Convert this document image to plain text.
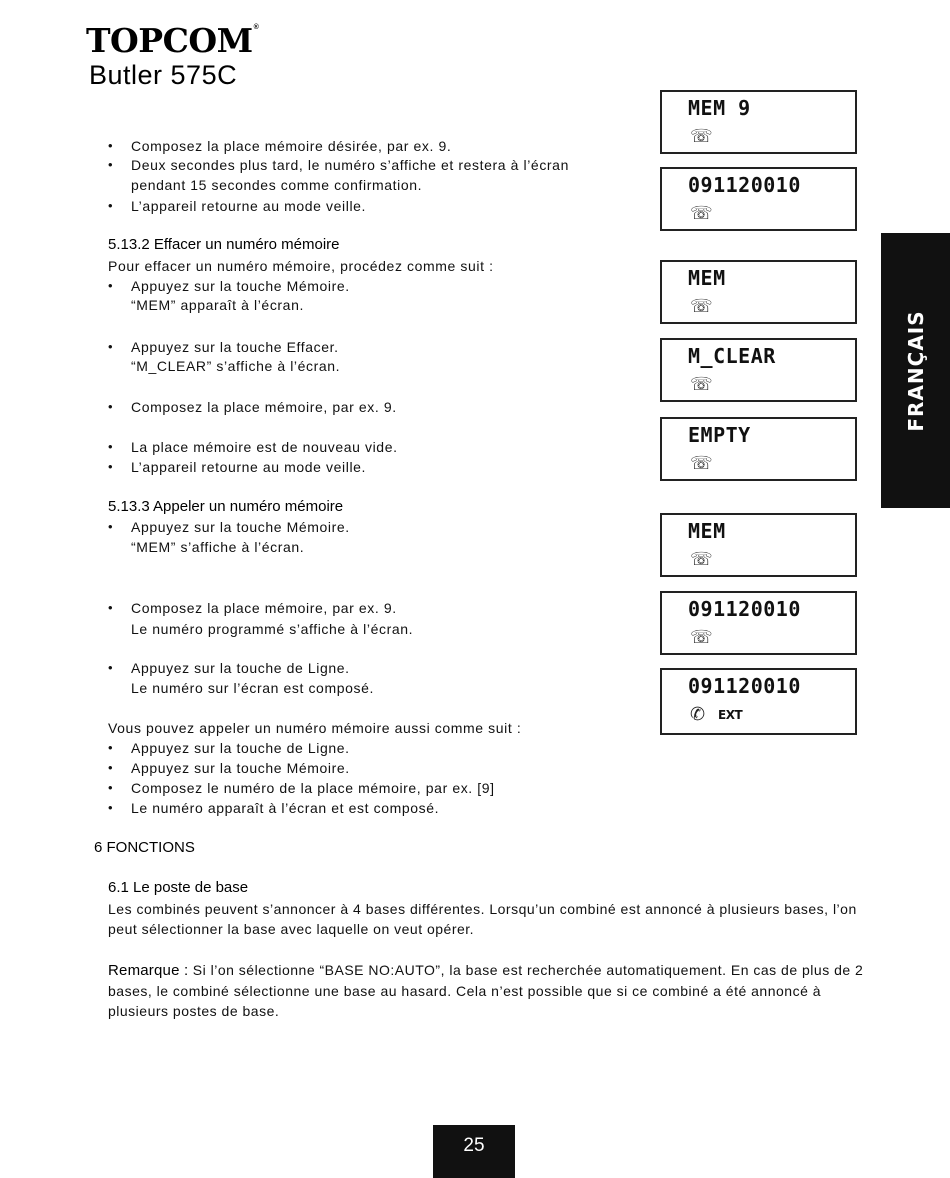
TOPCOM®
Butler 575C
• Composez la place mémoire désirée, par ex. 9.
• Deux secondes plus tard, le numéro s’affiche et restera à l’écran
pendant 15 secondes comme confirmation.
• L’appareil retourne au mode veille.
5.13.2 Effacer un numéro mémoire
Pour effacer un numéro mémoire, procédez comme suit :
• Appuyez sur la touche Mémoire.
“MEM” apparaît à l’écran.
• Appuyez sur la touche Effacer.
“M_CLEAR” s’affiche à l’écran.
• Composez la place mémoire, par ex. 9.
• La place mémoire est de nouveau vide.
• L’appareil retourne au mode veille.
5.13.3 Appeler un numéro mémoire
• Appuyez sur la touche Mémoire.
“MEM” s’affiche à l’écran.
• Composez la place mémoire, par ex. 9.
Le numéro programmé s’affiche à l’écran.
• Appuyez sur la touche de Ligne.
Le numéro sur l’écran est composé.
Vous pouvez appeler un numéro mémoire aussi comme suit :
• Appuyez sur la touche de Ligne.
• Appuyez sur la touche Mémoire.
• Composez le numéro de la place mémoire, par ex. [9]
• Le numéro apparaît à l’écran et est composé.
6 FONCTIONS
6.1 Le poste de base
Les combinés peuvent s’annoncer à 4 bases différentes. Lorsqu’un combiné est annoncé à plusieurs bases, l’on peut sélectionner la base avec laquelle on veut opérer.
Remarque : Si l’on sélectionne “BASE NO:AUTO”, la base est recherchée automatiquement. En cas de plus de 2 bases, le combiné sélectionne une base au hasard. Cela n’est possible que si ce combiné a été annoncé à plusieurs postes de base.
MEM 9
☏
091120010
☏
MEM
☏
M_CLEAR
☏
EMPTY
☏
MEM
☏
091120010
☏
091120010
✆ EXT
FRANÇAIS
25
